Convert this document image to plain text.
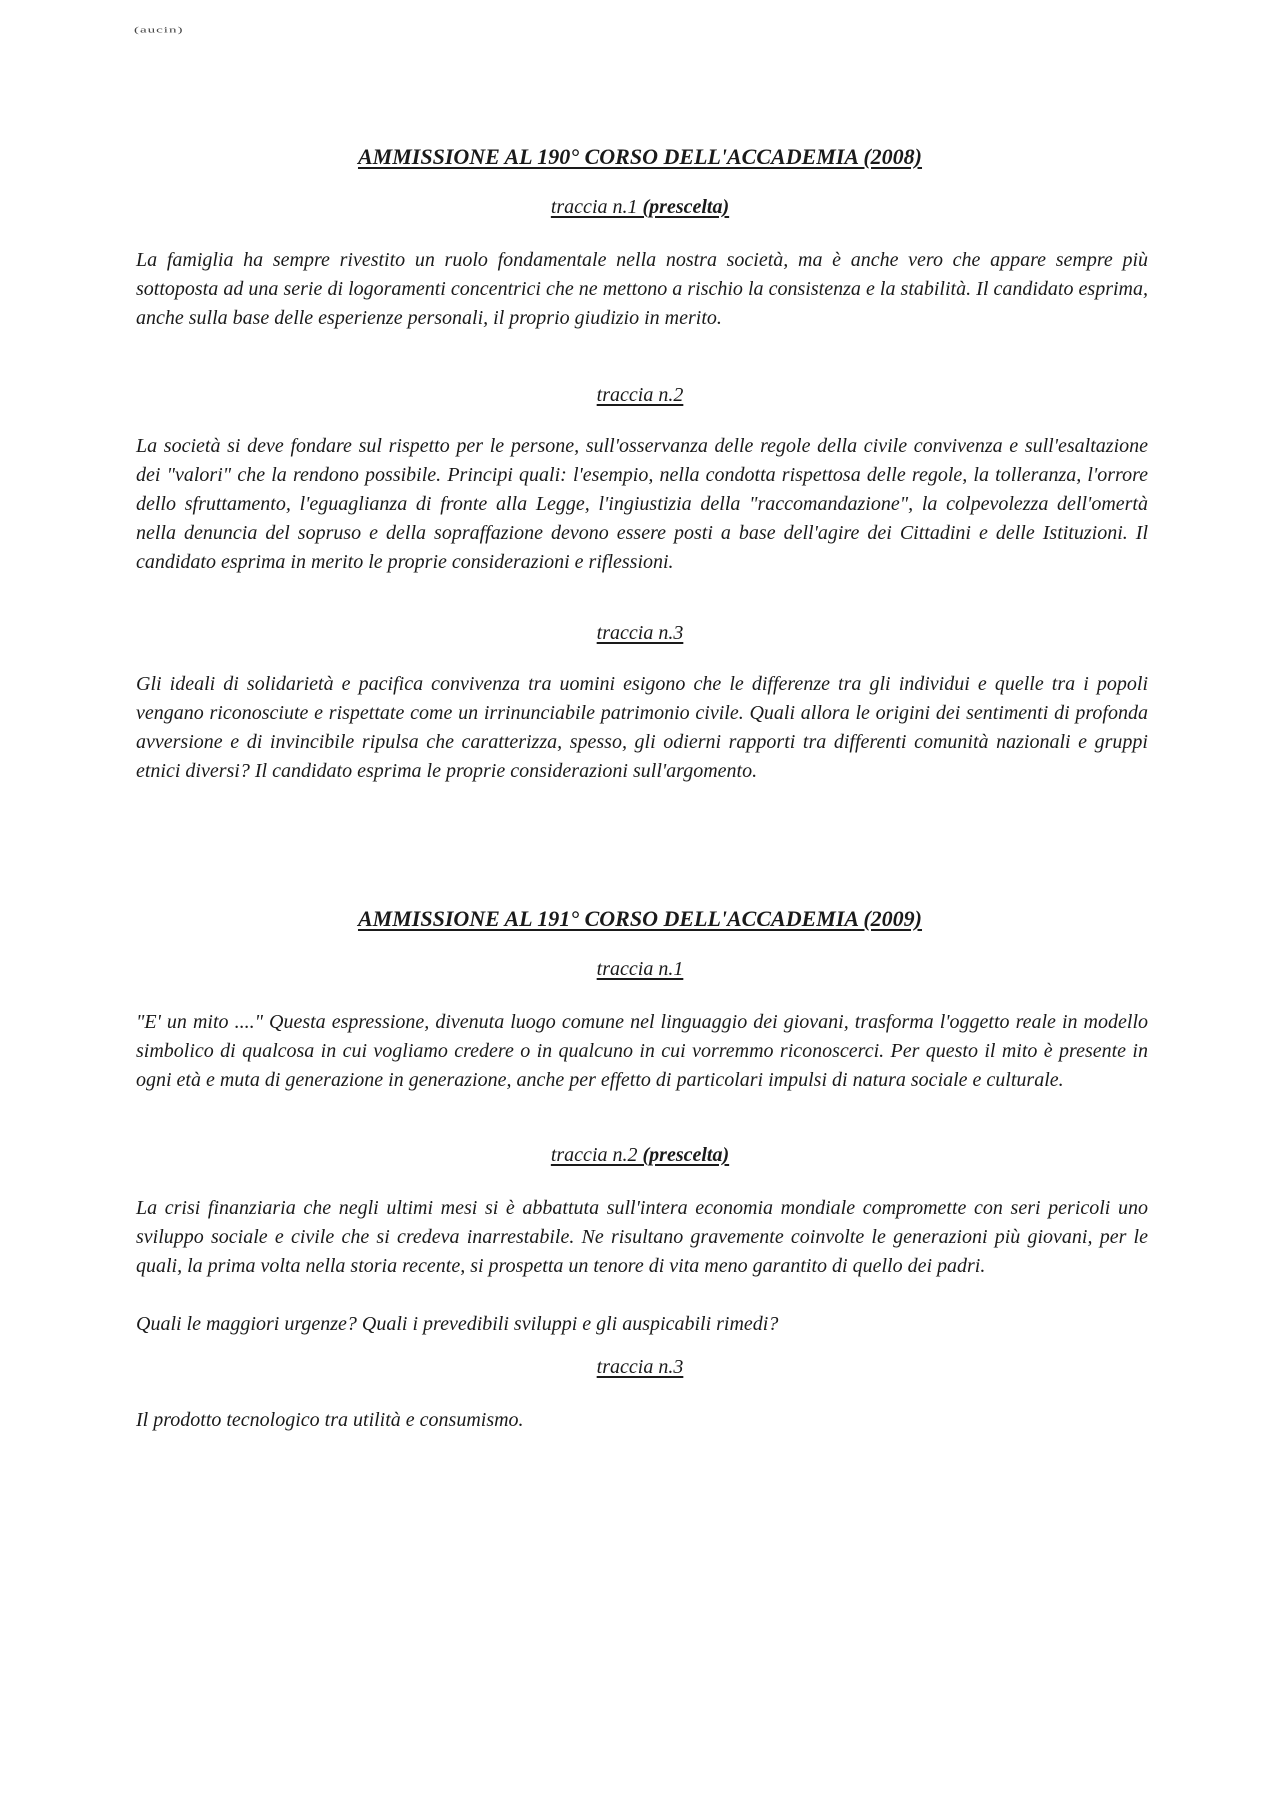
(aucin)
AMMISSIONE AL 190° CORSO DELL'ACCADEMIA (2008)
traccia n.1 (prescelta)

La famiglia ha sempre rivestito un ruolo fondamentale nella nostra società, ma è anche vero che appare sempre più sottoposta ad una serie di logoramenti concentrici che ne mettono a rischio la consistenza e la stabilità. Il candidato esprima, anche sulla base delle esperienze personali, il proprio giudizio in merito.

traccia n.2

La società si deve fondare sul rispetto per le persone, sull'osservanza delle regole della civile convivenza e sull'esaltazione dei "valori" che la rendono possibile. Principi quali: l'esempio, nella condotta rispettosa delle regole, la tolleranza, l'orrore dello sfruttamento, l'eguaglianza di fronte alla Legge, l'ingiustizia della "raccomandazione", la colpevolezza dell'omertà nella denuncia del sopruso e della sopraffazione devono essere posti a base dell'agire dei Cittadini e delle Istituzioni. Il candidato esprima in merito le proprie considerazioni e riflessioni.

traccia n.3

Gli ideali di solidarietà e pacifica convivenza tra uomini esigono che le differenze tra gli individui e quelle tra i popoli vengano riconosciute e rispettate come un irrinunciabile patrimonio civile. Quali allora le origini dei sentimenti di profonda avversione e di invincibile ripulsa che caratterizza, spesso, gli odierni rapporti tra differenti comunità nazionali e gruppi etnici diversi? Il candidato esprima le proprie considerazioni sull'argomento.

AMMISSIONE AL 191° CORSO DELL'ACCADEMIA (2009)
traccia n.1

"E' un mito ...." Questa espressione, divenuta luogo comune nel linguaggio dei giovani, trasforma l'oggetto reale in modello simbolico di qualcosa in cui vogliamo credere o in qualcuno in cui vorremmo riconoscerci. Per questo il mito è presente in ogni età e muta di generazione in generazione, anche per effetto di particolari impulsi di natura sociale e culturale.

traccia n.2 (prescelta)

La crisi finanziaria che negli ultimi mesi si è abbattuta sull'intera economia mondiale compromette con seri pericoli uno sviluppo sociale e civile che si credeva inarrestabile. Ne risultano gravemente coinvolte le generazioni più giovani, per le quali, la prima volta nella storia recente, si prospetta un tenore di vita meno garantito di quello dei padri.

Quali le maggiori urgenze? Quali i prevedibili sviluppi e gli auspicabili rimedi?

traccia n.3

Il prodotto tecnologico tra utilità e consumismo.
